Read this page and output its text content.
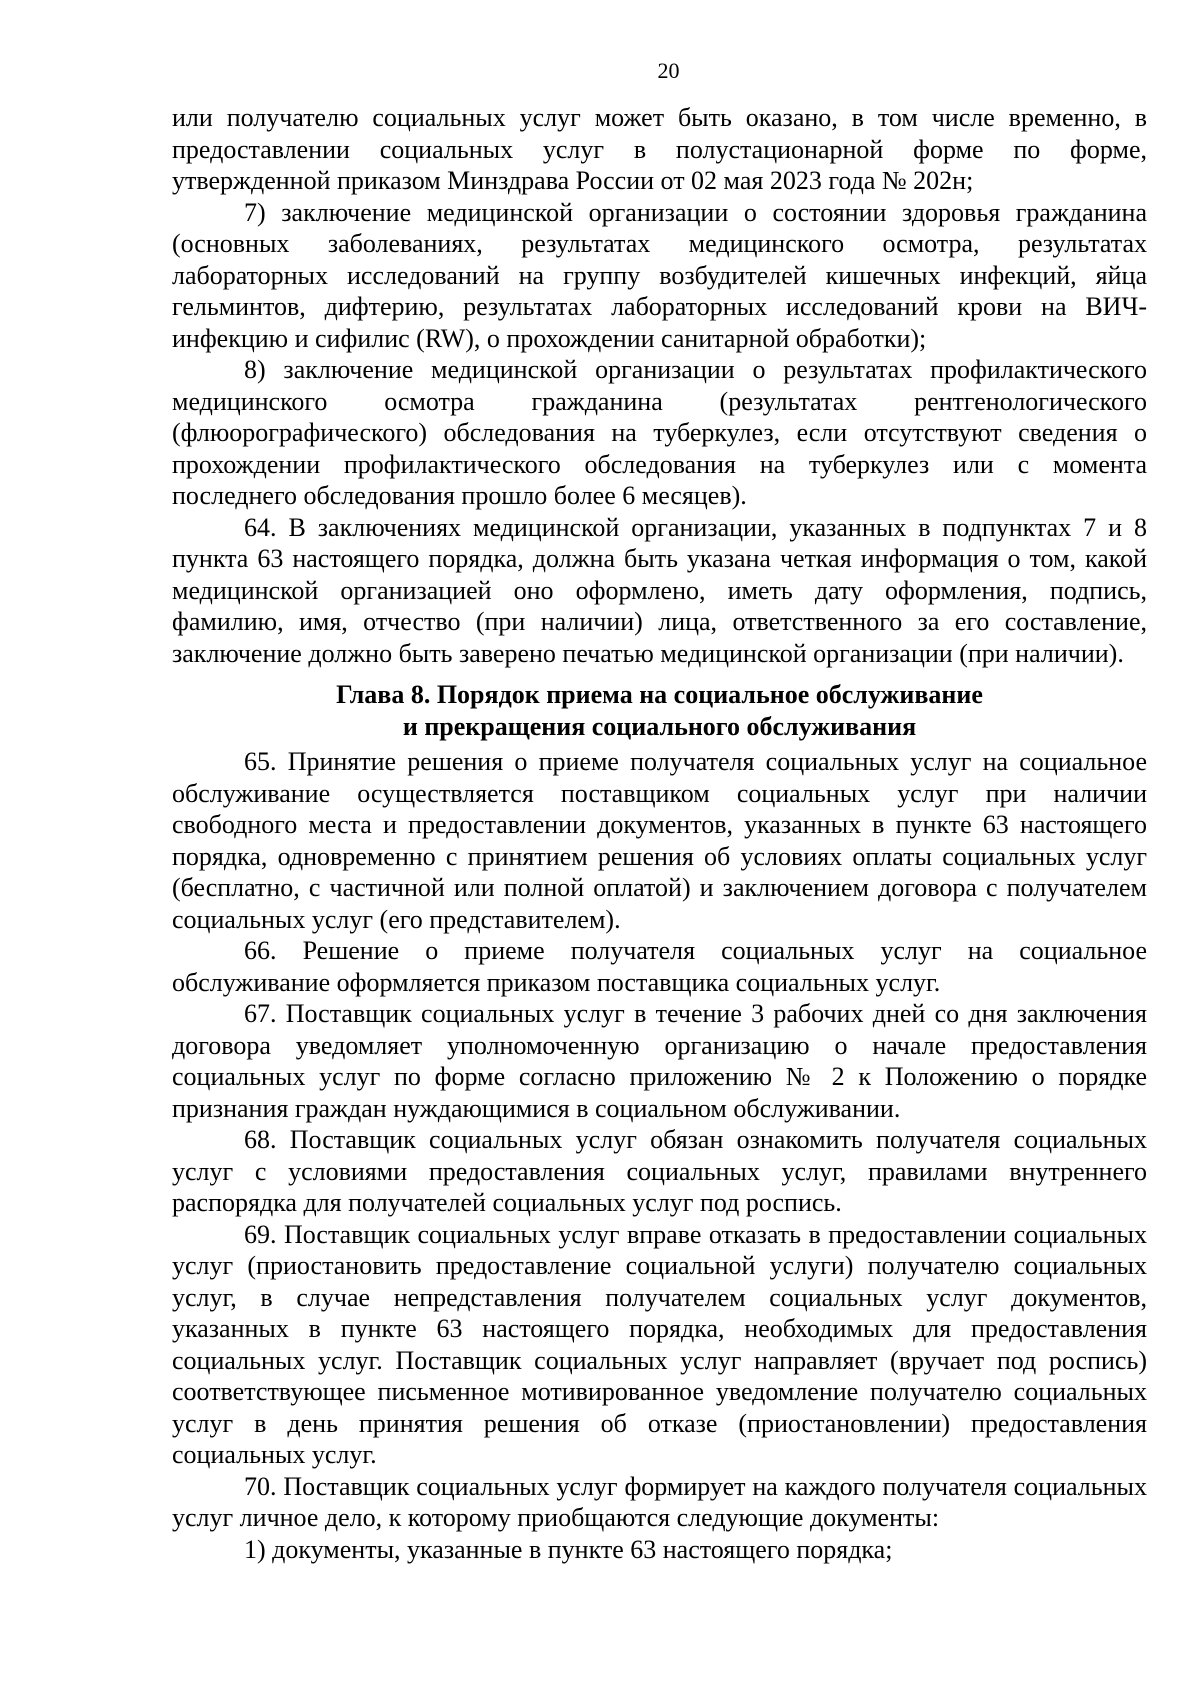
20

или получателю социальных услуг может быть оказано, в том числе временно, в предоставлении социальных услуг в полустационарной форме по форме, утвержденной приказом Минздрава России от 02 мая 2023 года № 202н;

7) заключение медицинской организации о состоянии здоровья гражданина (основных заболеваниях, результатах медицинского осмотра, результатах лабораторных исследований на группу возбудителей кишечных инфекций, яйца гельминтов, дифтерию, результатах лабораторных исследований крови на ВИЧ-инфекцию и сифилис (RW), о прохождении санитарной обработки);

8) заключение медицинской организации о результатах профилактического медицинского осмотра гражданина (результатах рентгенологического (флюорографического) обследования на туберкулез, если отсутствуют сведения о прохождении профилактического обследования на туберкулез или с момента последнего обследования прошло более 6 месяцев).

64. В заключениях медицинской организации, указанных в подпунктах 7 и 8 пункта 63 настоящего порядка, должна быть указана четкая информация о том, какой медицинской организацией оно оформлено, иметь дату оформления, подпись, фамилию, имя, отчество (при наличии) лица, ответственного за его составление, заключение должно быть заверено печатью медицинской организации (при наличии).

Глава 8. Порядок приема на социальное обслуживание
и прекращения социального обслуживания

65. Принятие решения о приеме получателя социальных услуг на социальное обслуживание осуществляется поставщиком социальных услуг при наличии свободного места и предоставлении документов, указанных в пункте 63 настоящего порядка, одновременно с принятием решения об условиях оплаты социальных услуг (бесплатно, с частичной или полной оплатой) и заключением договора с получателем социальных услуг (его представителем).

66. Решение о приеме получателя социальных услуг на социальное обслуживание оформляется приказом поставщика социальных услуг.

67. Поставщик социальных услуг в течение 3 рабочих дней со дня заключения договора уведомляет уполномоченную организацию о начале предоставления социальных услуг по форме согласно приложению № 2 к Положению о порядке признания граждан нуждающимися в социальном обслуживании.

68. Поставщик социальных услуг обязан ознакомить получателя социальных услуг с условиями предоставления социальных услуг, правилами внутреннего распорядка для получателей социальных услуг под роспись.

69. Поставщик социальных услуг вправе отказать в предоставлении социальных услуг (приостановить предоставление социальной услуги) получателю социальных услуг, в случае непредставления получателем социальных услуг документов, указанных в пункте 63 настоящего порядка, необходимых для предоставления социальных услуг. Поставщик социальных услуг направляет (вручает под роспись) соответствующее письменное мотивированное уведомление получателю социальных услуг в день принятия решения об отказе (приостановлении) предоставления социальных услуг.

70. Поставщик социальных услуг формирует на каждого получателя социальных услуг личное дело, к которому приобщаются следующие документы:

1) документы, указанные в пункте 63 настоящего порядка;
